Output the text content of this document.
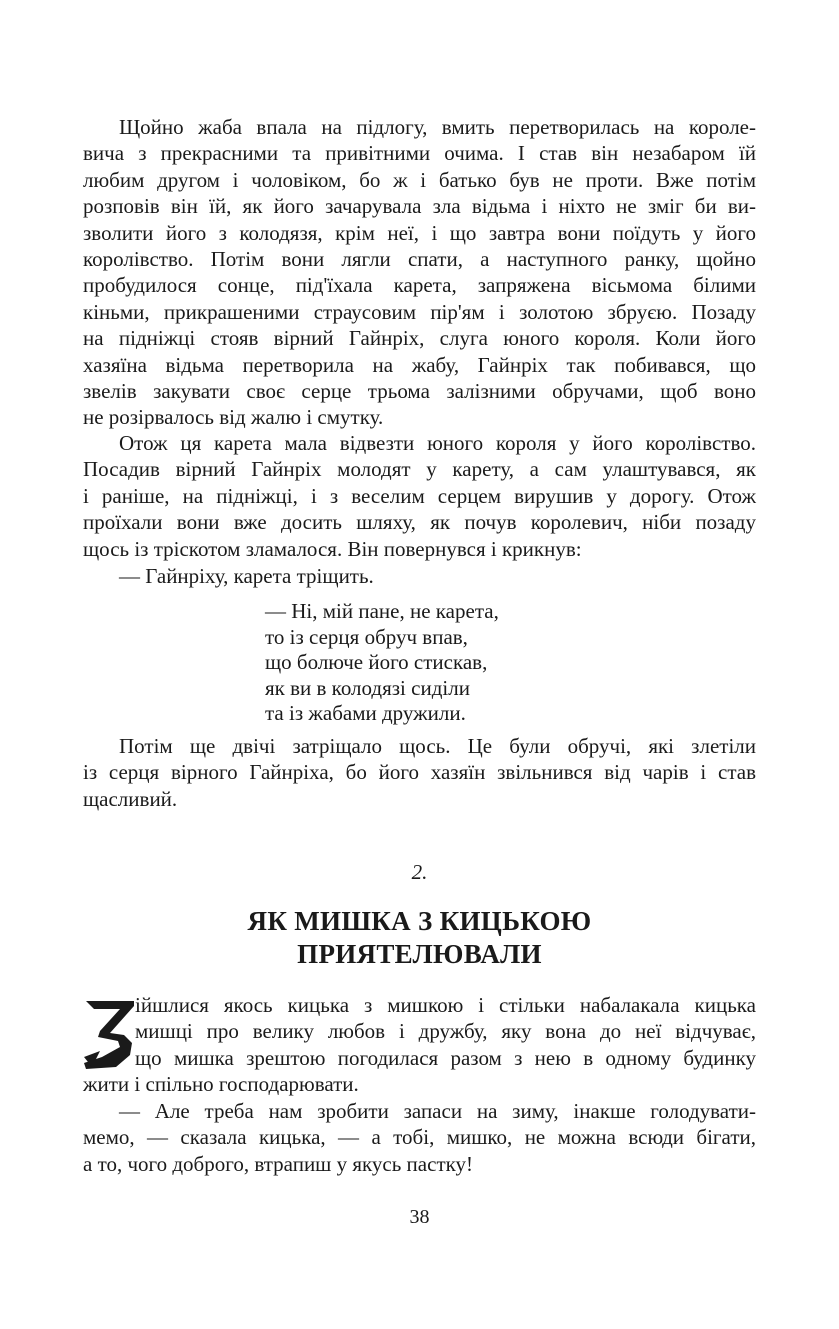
Щойно жаба впала на підлогу, вмить перетворилась на короле-
вича з прекрасними та привітними очима. І став він незабаром їй
любим другом і чоловіком, бо ж і батько був не проти. Вже потім
розповів він їй, як його зачарувала зла відьма і ніхто не зміг би ви-
зволити його з колодязя, крім неї, і що завтра вони поїдуть у його
королівство. Потім вони лягли спати, а наступного ранку, щойно
пробудилося сонце, під'їхала карета, запряжена вісьмома білими
кіньми, прикрашеними страусовим пір'ям і золотою збруєю. Позаду
на підніжці стояв вірний Гайнріх, слуга юного короля. Коли його
хазяїна відьма перетворила на жабу, Гайнріх так побивався, що
звелів закувати своє серце трьома залізними обручами, щоб воно
не розірвалось від жалю і смутку.
Отож ця карета мала відвезти юного короля у його королівство.
Посадив вірний Гайнріх молодят у карету, а сам улаштувався, як
і раніше, на підніжці, і з веселим серцем вирушив у дорогу. Отож
проїхали вони вже досить шляху, як почув королевич, ніби позаду
щось із тріскотом зламалося. Він повернувся і крикнув:
— Гайнріху, карета тріщить.
— Ні, мій пане, не карета,
то із серця обруч впав,
що болюче його стискав,
як ви в колодязі сиділи
та із жабами дружили.
Потім ще двічі затріщало щось. Це були обручі, які злетіли
із серця вірного Гайнріха, бо його хазяїн звільнився від чарів і став
щасливий.
2.
ЯК МИШКА З КИЦЬКОЮ
ПРИЯТЕЛЮВАЛИ
ійшлися якось кицька з мишкою і стільки набалакала кицька
мишці про велику любов і дружбу, яку вона до неї відчуває,
що мишка зрештою погодилася разом з нею в одному будинку
жити і спільно господарювати.
— Але треба нам зробити запаси на зиму, інакше голодувати-
мемо, — сказала кицька, — а тобі, мишко, не можна всюди бігати,
а то, чого доброго, втрапиш у якусь пастку!
38
